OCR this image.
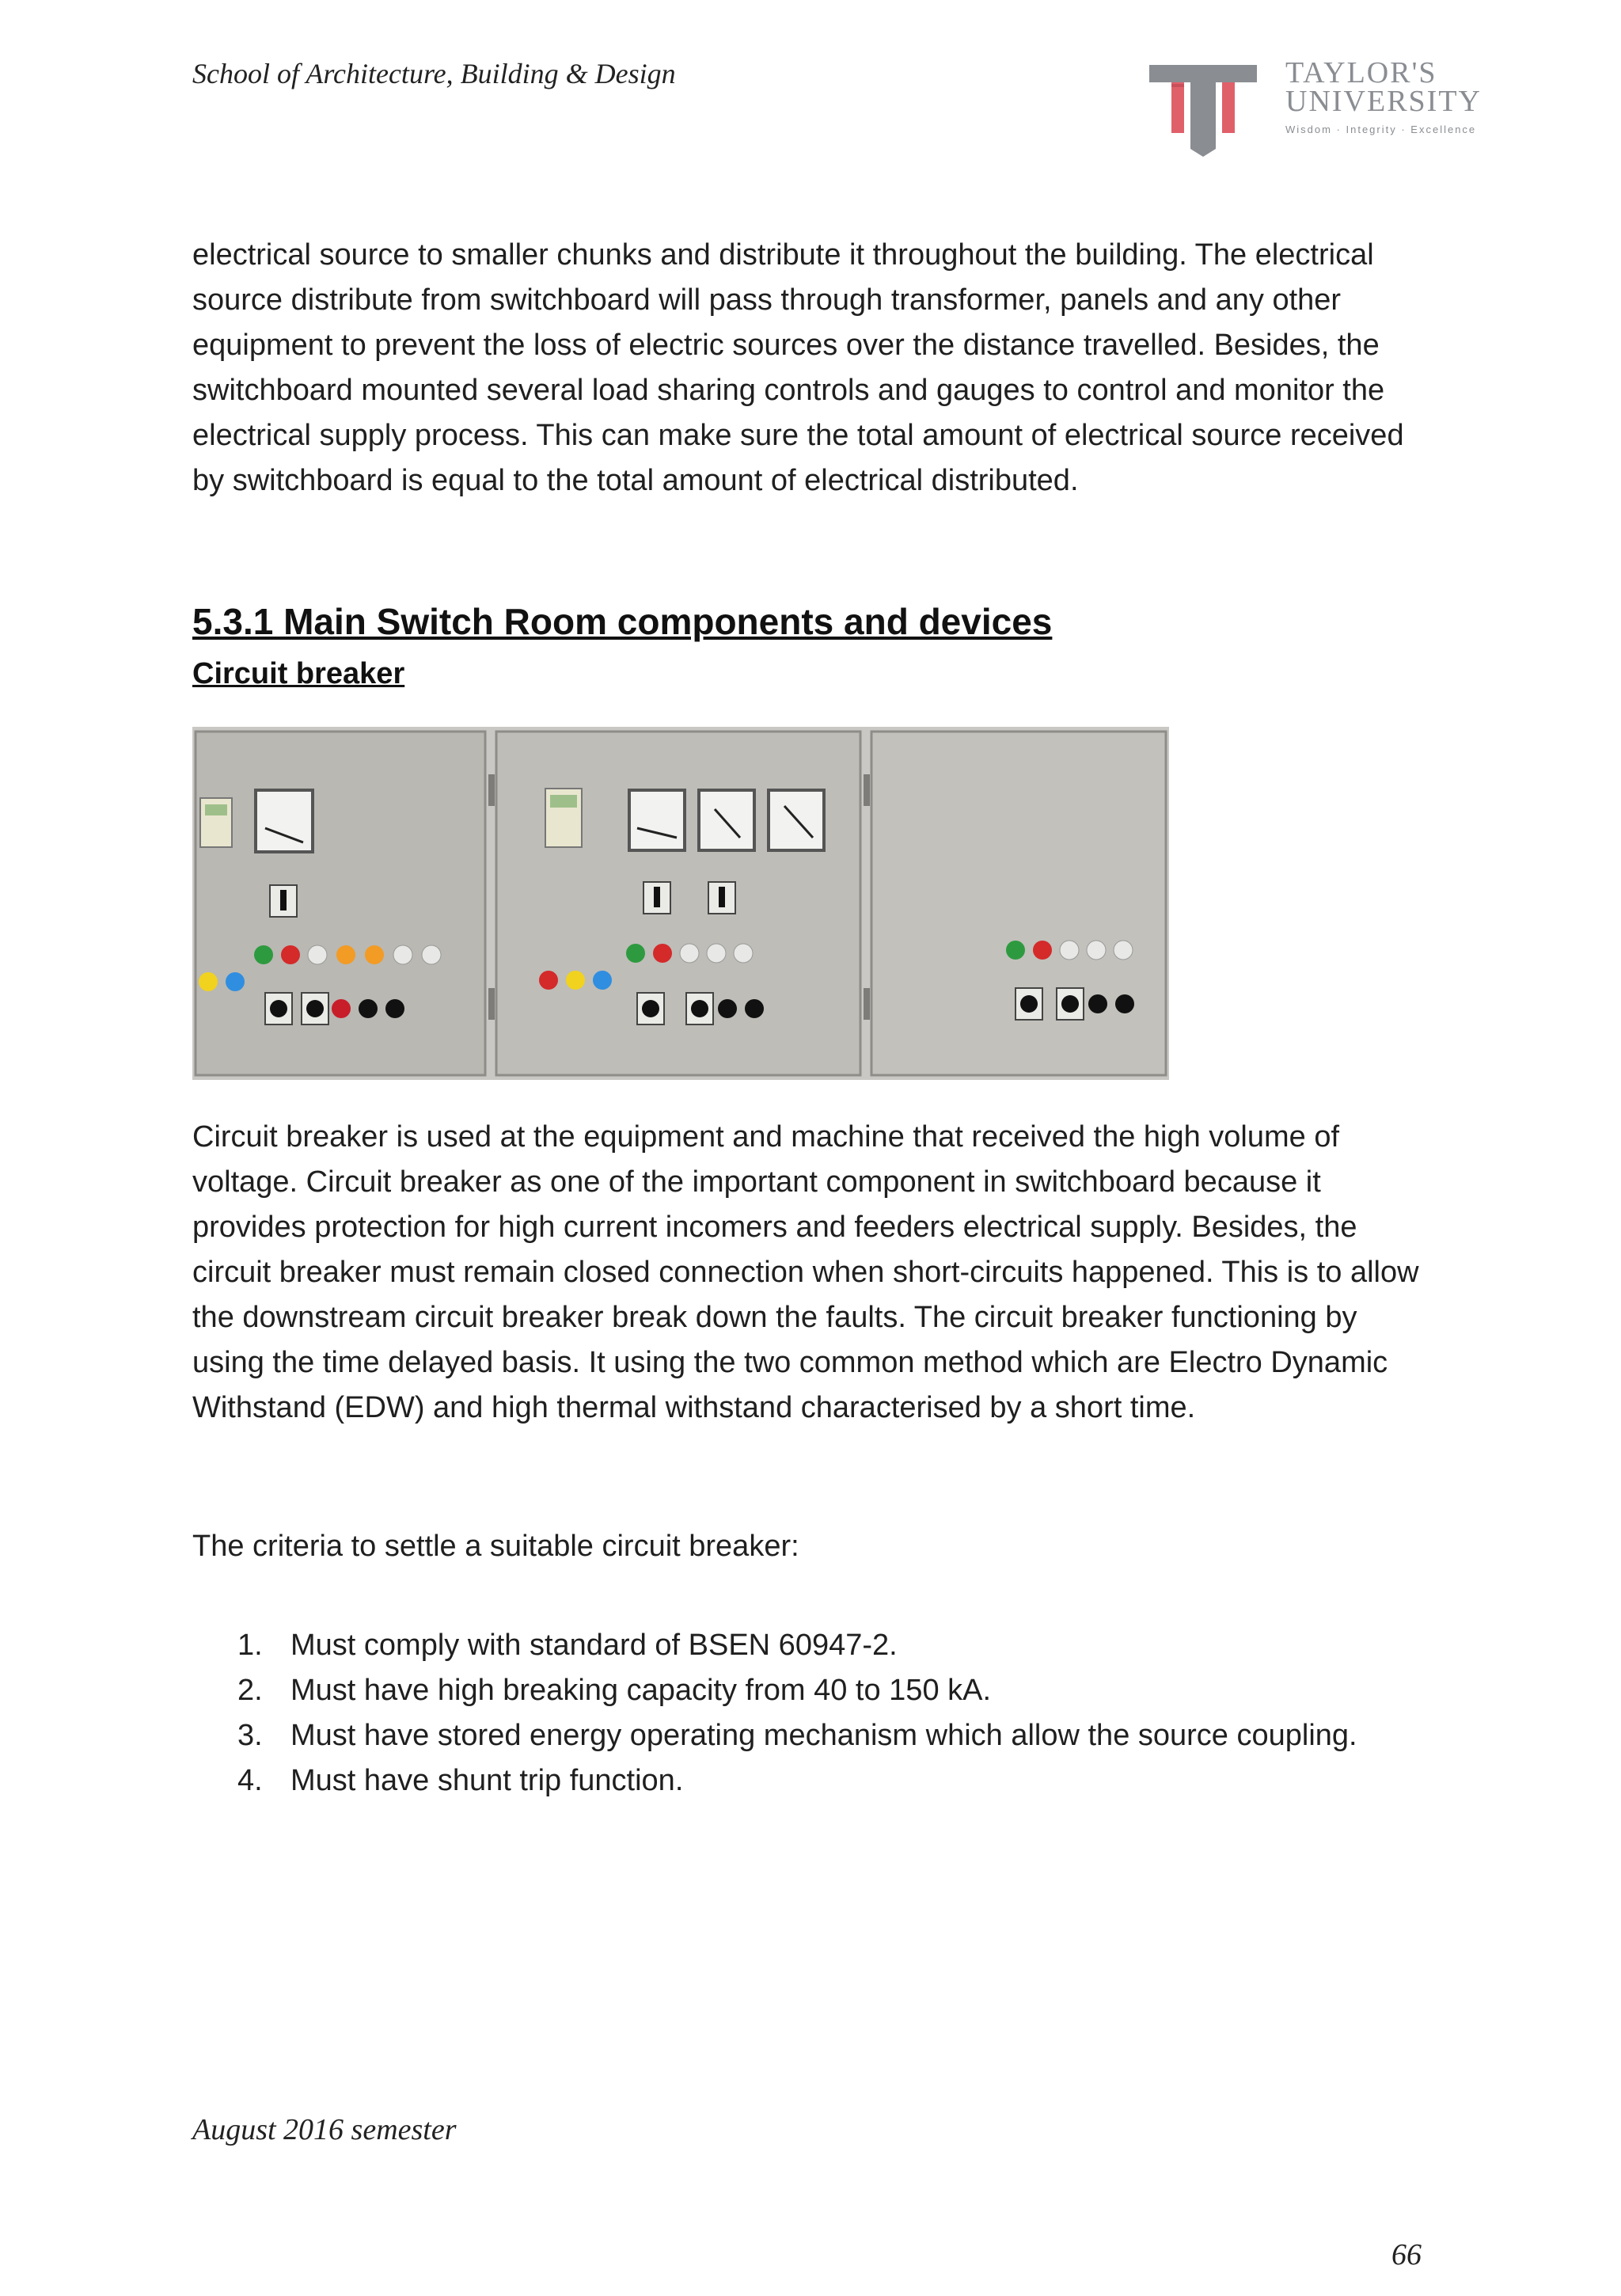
School of Architecture, Building & Design	TAYLOR'S
UNIVERSITY
Wisdom · Integrity · Excellence
electrical source to smaller chunks and distribute it throughout the building. The electrical source distribute from switchboard will pass through transformer, panels and any other equipment to prevent the loss of electric sources over the distance travelled. Besides, the switchboard mounted several load sharing controls and gauges to control and monitor the electrical supply process. This can make sure the total amount of electrical source received by switchboard is equal to the total amount of electrical distributed.
5.3.1 Main Switch Room components and devices
Circuit breaker
Circuit breaker is used at the equipment and machine that received the high volume of voltage. Circuit breaker as one of the important component in switchboard because it provides protection for high current incomers and feeders electrical supply. Besides, the circuit breaker must remain closed connection when short-circuits happened. This is to allow the downstream circuit breaker break down the faults. The circuit breaker functioning by using the time delayed basis. It using the two common method which are Electro Dynamic Withstand (EDW) and high thermal withstand characterised by a short time.
The criteria to settle a suitable circuit breaker:
1. Must comply with standard of BSEN 60947-2.
2. Must have high breaking capacity from 40 to 150 kA.
3. Must have stored energy operating mechanism which allow the source coupling.
4. Must have shunt trip function.
August 2016 semester
66
